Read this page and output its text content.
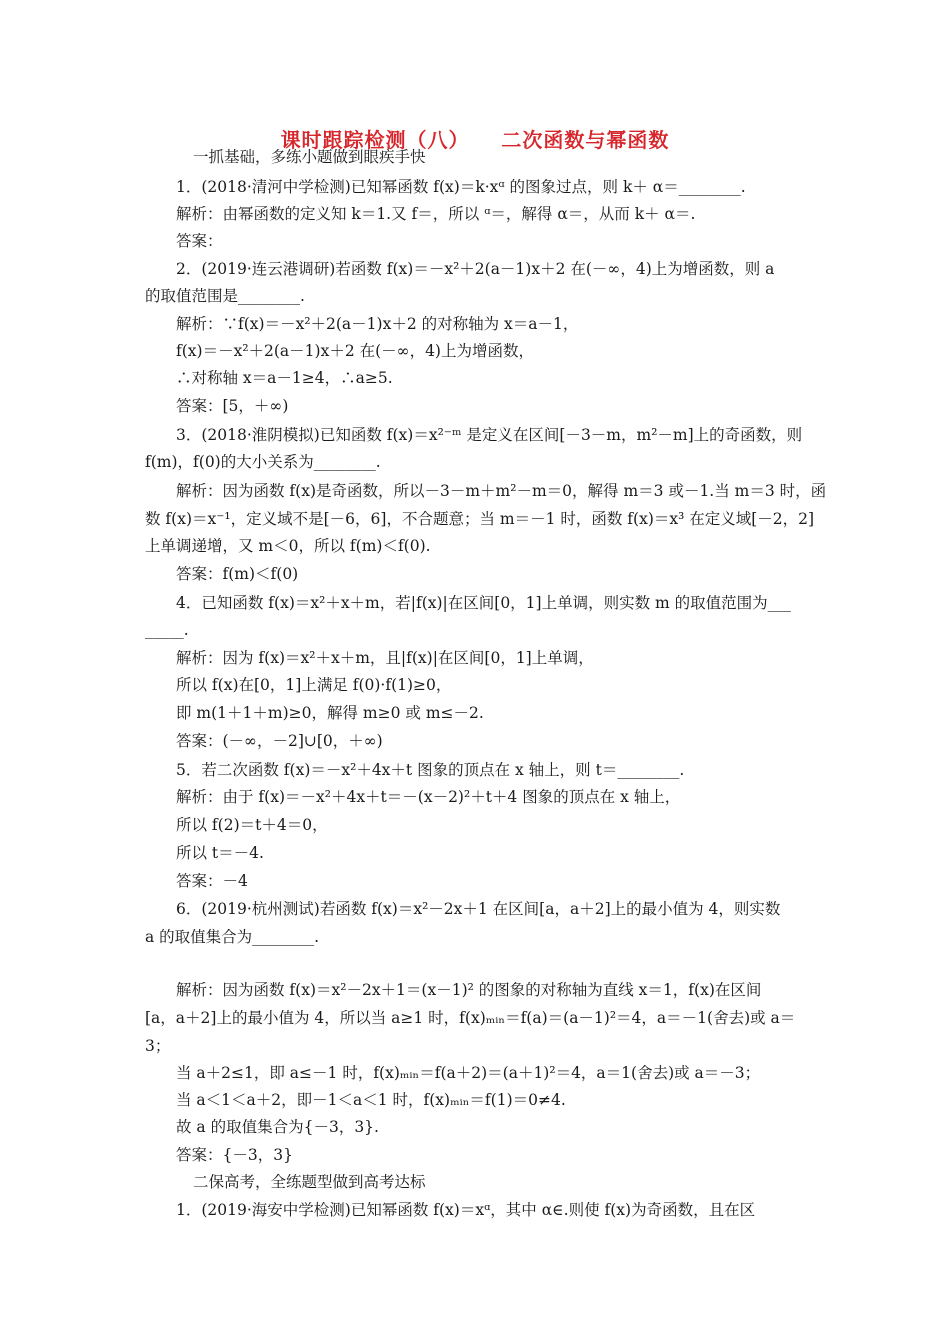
课时跟踪检测（八）    二次函数与幂函数
一抓基础，多练小题做到眼疾手快
1．(2018·清河中学检测)已知幂函数 f(x)＝k·xᵅ 的图象过点，则 k＋ α＝________.
解析：由幂函数的定义知 k＝1.又 f＝，所以 ᵅ＝，解得 α＝，从而 k＋ α＝.
答案：
2．(2019·连云港调研)若函数 f(x)＝－x²＋2(a－1)x＋2 在(－∞，4)上为增函数，则 a
的取值范围是________.
解析：∵f(x)＝－x²＋2(a－1)x＋2 的对称轴为 x＝a－1，
f(x)＝－x²＋2(a－1)x＋2 在(－∞，4)上为增函数，
∴对称轴 x＝a－1≥4，∴a≥5.
答案：[5，＋∞)
3．(2018·淮阴模拟)已知函数 f(x)＝x²⁻ᵐ 是定义在区间[－3－m，m²－m]上的奇函数，则
f(m)，f(0)的大小关系为________.
解析：因为函数 f(x)是奇函数，所以－3－m＋m²－m＝0，解得 m＝3 或－1.当 m＝3 时，函
数 f(x)＝x⁻¹，定义域不是[－6，6]，不合题意；当 m＝－1 时，函数 f(x)＝x³ 在定义域[－2，2]
上单调递增，又 m＜0，所以 f(m)＜f(0).
答案：f(m)＜f(0)
4．已知函数 f(x)＝x²＋x＋m，若|f(x)|在区间[0，1]上单调，则实数 m 的取值范围为___
_____.
解析：因为 f(x)＝x²＋x＋m，且|f(x)|在区间[0，1]上单调，
所以 f(x)在[0，1]上满足 f(0)·f(1)≥0，
即 m(1＋1＋m)≥0，解得 m≥0 或 m≤－2.
答案：(－∞，－2]∪[0，＋∞)
5．若二次函数 f(x)＝－x²＋4x＋t 图象的顶点在 x 轴上，则 t＝________.
解析：由于 f(x)＝－x²＋4x＋t＝－(x－2)²＋t＋4 图象的顶点在 x 轴上，
所以 f(2)＝t＋4＝0，
所以 t＝－4.
答案：－4
6．(2019·杭州测试)若函数 f(x)＝x²－2x＋1 在区间[a，a＋2]上的最小值为 4，则实数
a 的取值集合为________.
解析：因为函数 f(x)＝x²－2x＋1＝(x－1)² 的图象的对称轴为直线 x＝1，f(x)在区间
[a，a＋2]上的最小值为 4，所以当 a≥1 时，f(x)ₘᵢₙ＝f(a)＝(a－1)²＝4，a＝－1(舍去)或 a＝
3；
当 a＋2≤1，即 a≤－1 时，f(x)ₘᵢₙ＝f(a＋2)＝(a＋1)²＝4，a＝1(舍去)或 a＝－3；
当 a＜1＜a＋2，即－1＜a＜1 时，f(x)ₘᵢₙ＝f(1)＝0≠4.
故 a 的取值集合为{－3，3}.
答案：{－3，3}
二保高考，全练题型做到高考达标
1．(2019·海安中学检测)已知幂函数 f(x)＝xᵅ，其中 α∈.则使 f(x)为奇函数，且在区
